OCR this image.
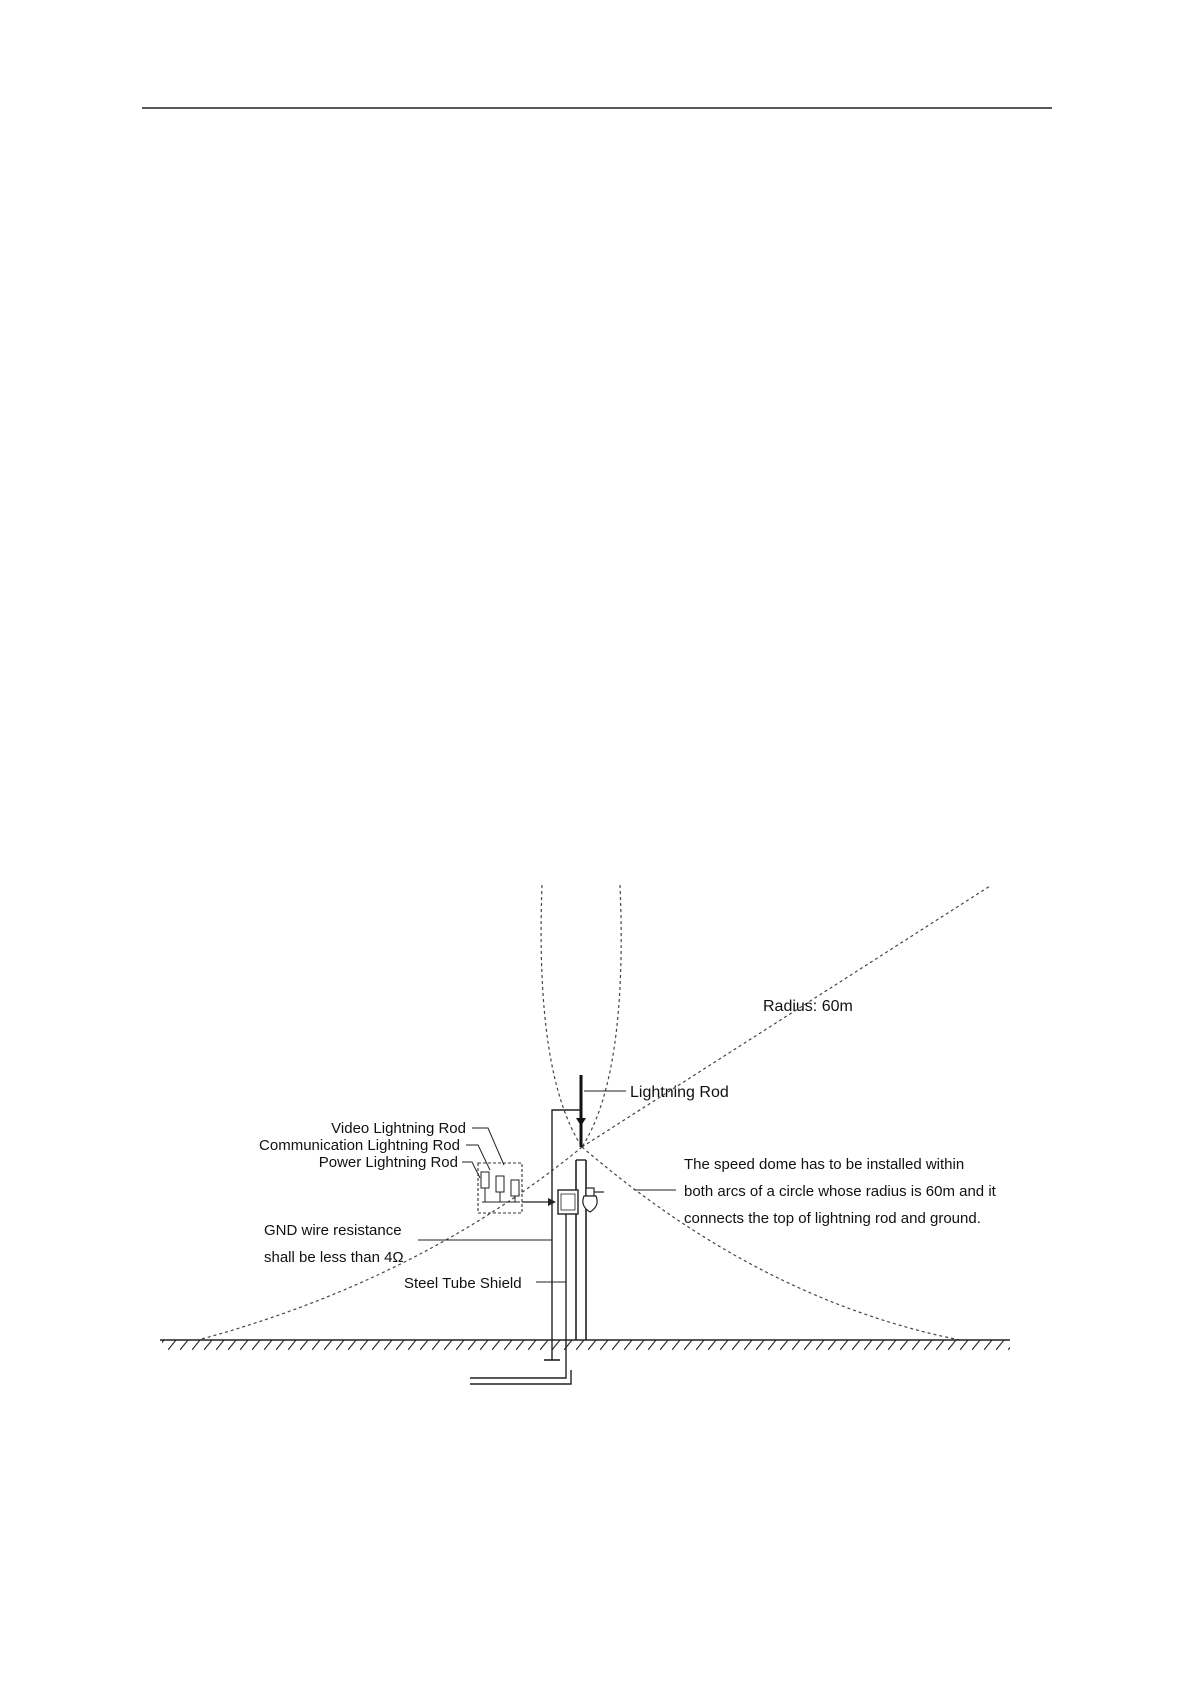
Radius: 60m
Lightning Rod
Video Lightning Rod
Communication Lightning Rod
Power Lightning Rod
GND wire resistance
shall be less than 4Ω
Steel Tube Shield
The speed dome has to be installed within
both arcs of a circle whose radius is 60m and it
connects the top of lightning rod and ground.
